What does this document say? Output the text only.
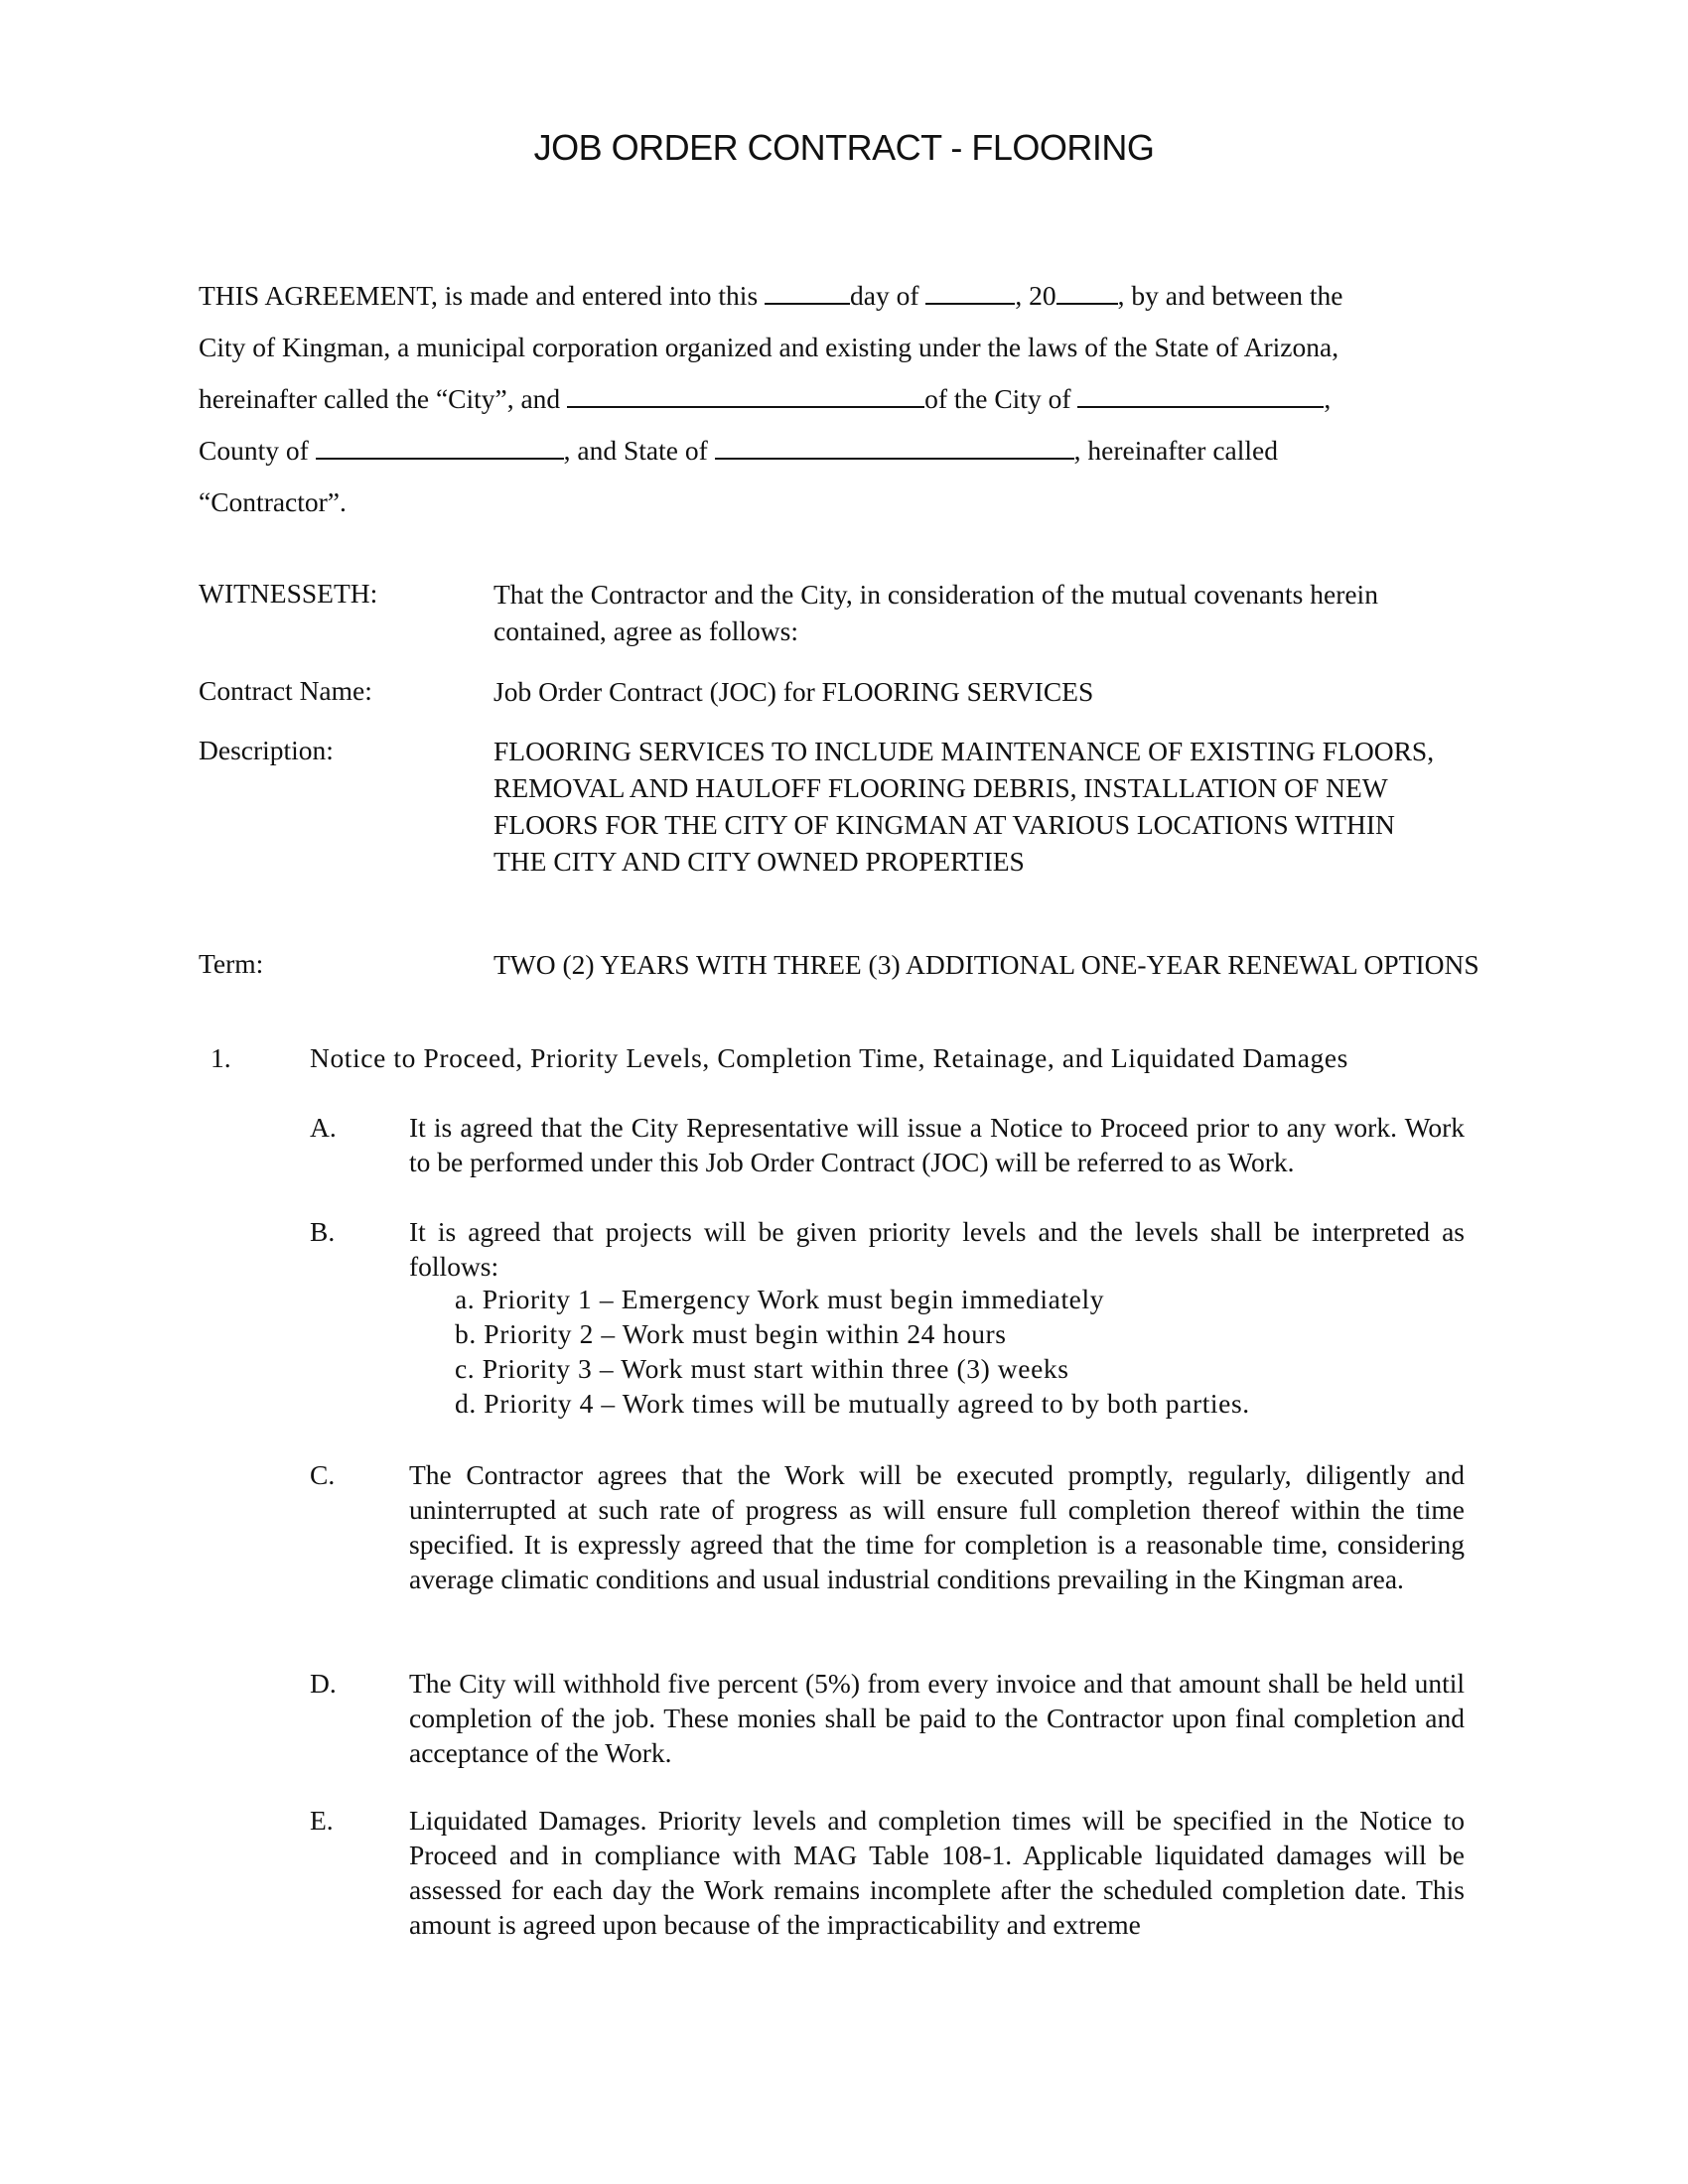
JOB ORDER CONTRACT - FLOORING
THIS AGREEMENT, is made and entered into this	day of	, 20 , by and between the
City of Kingman, a municipal corporation organized and existing under the laws of the State of Arizona,
hereinafter called the “City”, and	of the City of	,
County of	, and State of	, hereinafter called
“Contractor”.
WITNESSETH:	That the Contractor and the City, in consideration of the mutual covenants herein contained, agree as follows:
Contract Name:	Job Order Contract (JOC) for FLOORING SERVICES
Description:	FLOORING SERVICES TO INCLUDE MAINTENANCE OF EXISTING FLOORS, REMOVAL AND HAULOFF FLOORING DEBRIS, INSTALLATION OF NEW FLOORS FOR THE CITY OF KINGMAN AT VARIOUS LOCATIONS WITHIN THE CITY AND CITY OWNED PROPERTIES
Term:	TWO (2) YEARS WITH THREE (3) ADDITIONAL ONE-YEAR RENEWAL OPTIONS
1.	Notice to Proceed, Priority Levels, Completion Time, Retainage, and Liquidated Damages
A.	It is agreed that the City Representative will issue a Notice to Proceed prior to any work. Work to be performed under this Job Order Contract (JOC) will be referred to as Work.
B.	It is agreed that projects will be given priority levels and the levels shall be interpreted as follows:
a. Priority 1 – Emergency Work must begin immediately
b. Priority 2 – Work must begin within 24 hours
c. Priority 3 – Work must start within three (3) weeks
d. Priority 4 – Work times will be mutually agreed to by both parties.
C.	The Contractor agrees that the Work will be executed promptly, regularly, diligently and uninterrupted at such rate of progress as will ensure full completion thereof within the time specified. It is expressly agreed that the time for completion is a reasonable time, considering average climatic conditions and usual industrial conditions prevailing in the Kingman area.
D.	The City will withhold five percent (5%) from every invoice and that amount shall be held until completion of the job. These monies shall be paid to the Contractor upon final completion and acceptance of the Work.
E.	Liquidated Damages. Priority levels and completion times will be specified in the Notice to Proceed and in compliance with MAG Table 108-1. Applicable liquidated damages will be assessed for each day the Work remains incomplete after the scheduled completion date. This amount is agreed upon because of the impracticability and extreme
